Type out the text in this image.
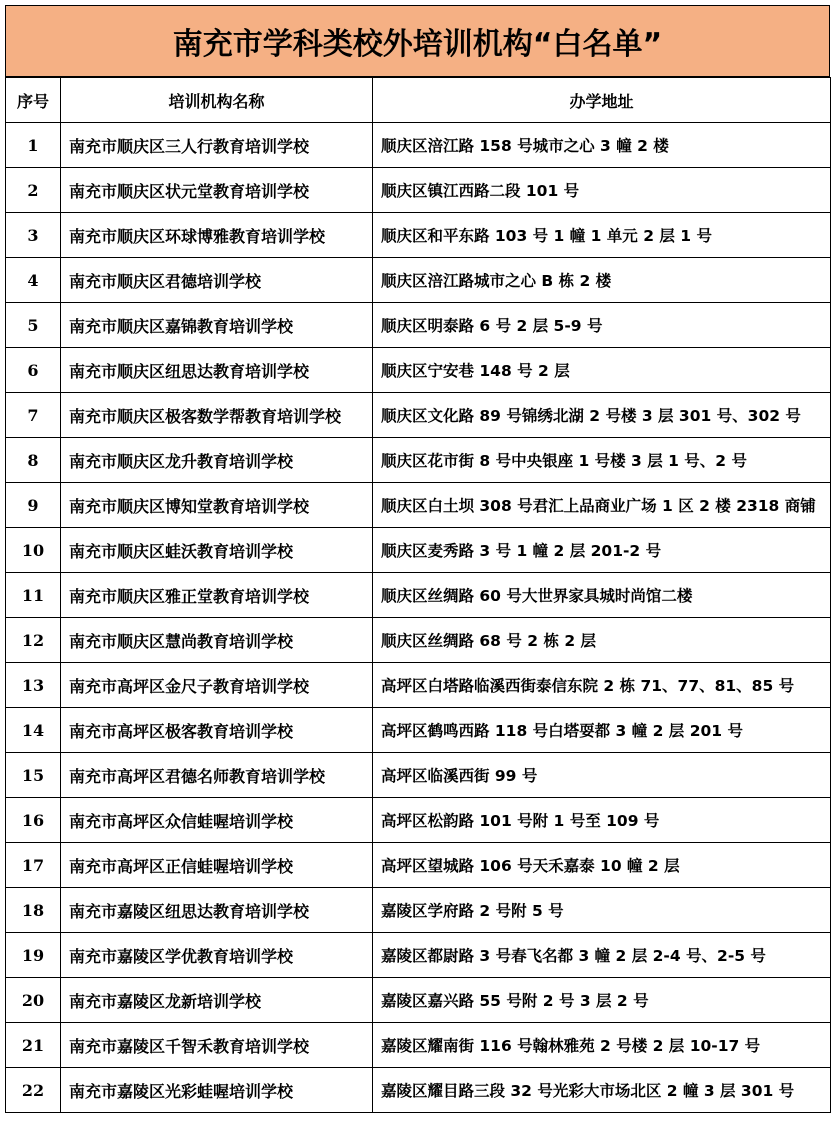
南充市学科类校外培训机构“白名单”
序号	培训机构名称	办学地址
1	南充市顺庆区三人行教育培训学校	顺庆区涪江路 158 号城市之心 3 幢 2 楼
2	南充市顺庆区状元堂教育培训学校	顺庆区镇江西路二段 101 号
3	南充市顺庆区环球博雅教育培训学校	顺庆区和平东路 103 号 1 幢 1 单元 2 层 1 号
4	南充市顺庆区君德培训学校	顺庆区涪江路城市之心 B 栋 2 楼
5	南充市顺庆区嘉锦教育培训学校	顺庆区明泰路 6 号 2 层 5-9 号
6	南充市顺庆区纽思达教育培训学校	顺庆区宁安巷 148 号 2 层
7	南充市顺庆区极客数学帮教育培训学校	顺庆区文化路 89 号锦绣北湖 2 号楼 3 层 301 号、302 号
8	南充市顺庆区龙升教育培训学校	顺庆区花市街 8 号中央银座 1 号楼 3 层 1 号、2 号
9	南充市顺庆区博知堂教育培训学校	顺庆区白土坝 308 号君汇上品商业广场 1 区 2 楼 2318 商铺
10	南充市顺庆区蛙沃教育培训学校	顺庆区麦秀路 3 号 1 幢 2 层 201-2 号
11	南充市顺庆区雅正堂教育培训学校	顺庆区丝绸路 60 号大世界家具城时尚馆二楼
12	南充市顺庆区慧尚教育培训学校	顺庆区丝绸路 68 号 2 栋 2 层
13	南充市高坪区金尺子教育培训学校	高坪区白塔路临溪西街泰信东院 2 栋 71、77、81、85 号
14	南充市高坪区极客教育培训学校	高坪区鹤鸣西路 118 号白塔耍都 3 幢 2 层 201 号
15	南充市高坪区君德名师教育培训学校	高坪区临溪西街 99 号
16	南充市高坪区众信蛙喔培训学校	高坪区松韵路 101 号附 1 号至 109 号
17	南充市高坪区正信蛙喔培训学校	高坪区望城路 106 号天禾嘉泰 10 幢 2 层
18	南充市嘉陵区纽思达教育培训学校	嘉陵区学府路 2 号附 5 号
19	南充市嘉陵区学优教育培训学校	嘉陵区都尉路 3 号春飞名都 3 幢 2 层 2-4 号、2-5 号
20	南充市嘉陵区龙新培训学校	嘉陵区嘉兴路 55 号附 2 号 3 层 2 号
21	南充市嘉陵区千智禾教育培训学校	嘉陵区耀南街 116 号翰林雅苑 2 号楼 2 层 10-17 号
22	南充市嘉陵区光彩蛙喔培训学校	嘉陵区耀目路三段 32 号光彩大市场北区 2 幢 3 层 301 号
